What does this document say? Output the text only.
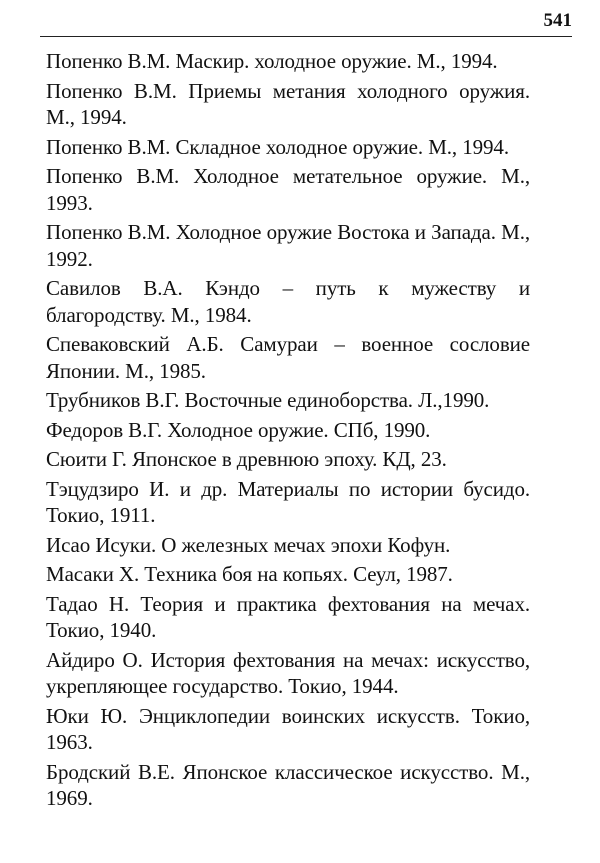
541
Попенко В.М. Маскир. холодное оружие. М., 1994.
Попенко В.М. Приемы метания холодного оружия. М., 1994.
Попенко В.М. Складное холодное оружие. М., 1994.
Попенко В.М. Холодное метательное оружие. М., 1993.
Попенко В.М. Холодное оружие Востока и Запада. М., 1992.
Савилов В.А. Кэндо – путь к мужеству и благородству. М., 1984.
Спеваковский А.Б. Самураи – военное сословие Японии. М., 1985.
Трубников В.Г. Восточные единоборства. Л.,1990.
Федоров В.Г. Холодное оружие. СПб, 1990.
Сюити Г. Японское в древнюю эпоху. КД, 23.
Тэцудзиро И. и др. Материалы по истории бусидо. Токио, 1911.
Исао Исуки. О железных мечах эпохи Кофун.
Масаки Х. Техника боя на копьях. Сеул, 1987.
Тадао Н. Теория и практика фехтования на мечах. Токио, 1940.
Айдиро О. История фехтования на мечах: искусство, укрепляющее государство. Токио, 1944.
Юки Ю. Энциклопедии воинских искусств. Токио, 1963.
Бродский В.Е. Японское классическое искусство. М., 1969.
